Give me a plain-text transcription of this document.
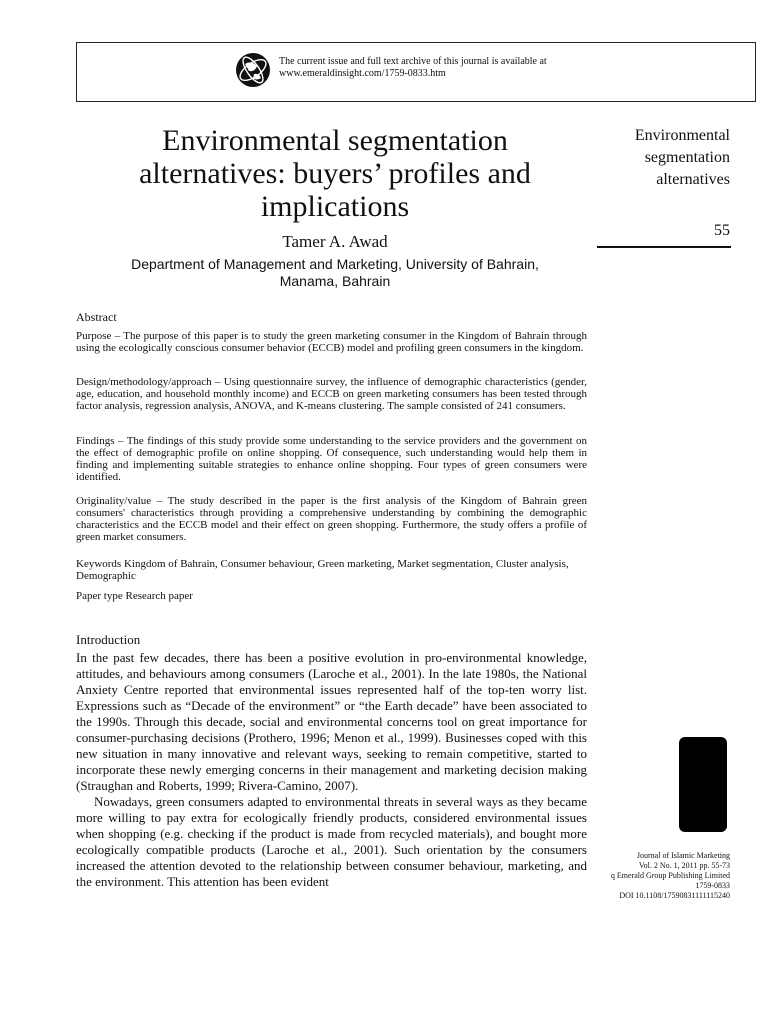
The current issue and full text archive of this journal is available at
www.emeraldinsight.com/1759-0833.htm
Environmental segmentation
alternatives: buyers’ profiles and
implications
Tamer A. Awad
Department of Management and Marketing, University of Bahrain,
Manama, Bahrain
Environmental
segmentation
alternatives
55
Abstract
Purpose – The purpose of this paper is to study the green marketing consumer in the Kingdom of Bahrain through using the ecologically conscious consumer behavior (ECCB) model and profiling green consumers in the kingdom.
Design/methodology/approach – Using questionnaire survey, the influence of demographic characteristics (gender, age, education, and household monthly income) and ECCB on green marketing consumers has been tested through factor analysis, regression analysis, ANOVA, and K-means clustering. The sample consisted of 241 consumers.
Findings – The findings of this study provide some understanding to the service providers and the government on the effect of demographic profile on online shopping. Of consequence, such understanding would help them in finding and implementing suitable strategies to enhance online shopping. Four types of green consumers were identified.
Originality/value – The study described in the paper is the first analysis of the Kingdom of Bahrain green consumers' characteristics through providing a comprehensive understanding by combining the demographic characteristics and the ECCB model and their effect on green shopping. Furthermore, the study offers a profile of green market consumers.
Keywords Kingdom of Bahrain, Consumer behaviour, Green marketing, Market segmentation, Cluster analysis, Demographic
Paper type Research paper
Introduction

In the past few decades, there has been a positive evolution in pro-environmental knowledge, attitudes, and behaviours among consumers (Laroche et al., 2001). In the late 1980s, the National Anxiety Centre reported that environmental issues represented half of the top-ten worry list. Expressions such as “Decade of the environment” or “the Earth decade” have been associated to the 1990s. Through this decade, social and environmental concerns tool on great importance for consumer-purchasing decisions (Prothero, 1996; Menon et al., 1999). Businesses coped with this new situation in many innovative and relevant ways, seeking to remain competitive, started to incorporate these newly emerging concerns in their management and marketing decision making (Straughan and Roberts, 1999; Rivera-Camino, 2007).

Nowadays, green consumers adapted to environmental threats in several ways as they became more willing to pay extra for ecologically friendly products, considered environmental issues when shopping (e.g. checking if the product is made from recycled materials), and bought more ecologically compatible products (Laroche et al., 2001). Such orientation by the consumers increased the attention devoted to the relationship between consumer behaviour, marketing, and the environment. This attention has been evident

Journal of Islamic Marketing
Vol. 2 No. 1, 2011 pp. 55-73
q Emerald Group Publishing Limited
1759-0833
DOI 10.1108/17590831111115240
